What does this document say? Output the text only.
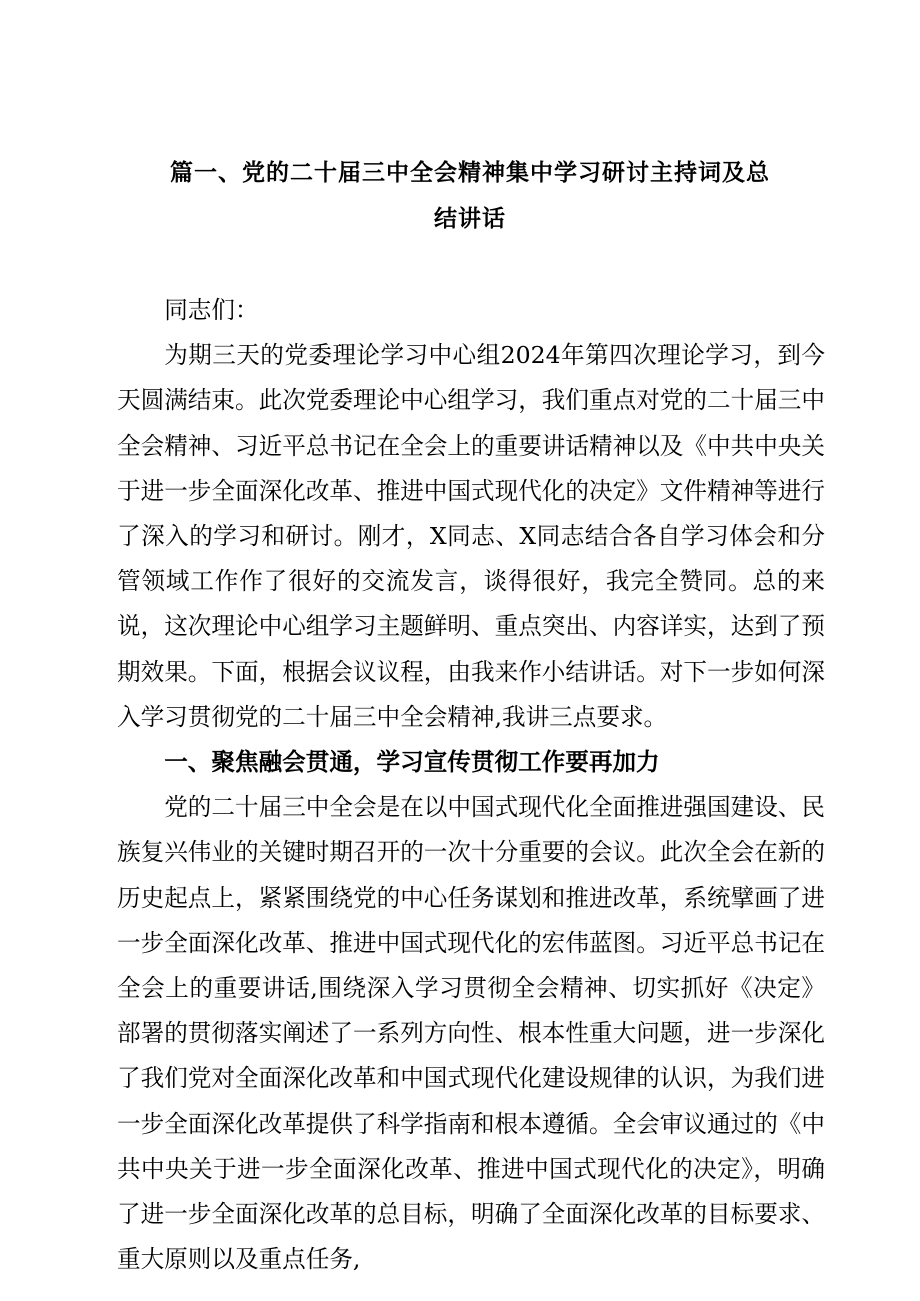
篇一、党的二十届三中全会精神集中学习研讨主持词及总结讲话

同志们：

为期三天的党委理论学习中心组2024年第四次理论学习，到今天圆满结束。此次党委理论中心组学习，我们重点对党的二十届三中全会精神、习近平总书记在全会上的重要讲话精神以及《中共中央关于进一步全面深化改革、推进中国式现代化的决定》文件精神等进行了深入的学习和研讨。刚才，X同志、X同志结合各自学习体会和分管领域工作作了很好的交流发言，谈得很好，我完全赞同。总的来说，这次理论中心组学习主题鲜明、重点突出、内容详实，达到了预期效果。下面，根据会议议程，由我来作小结讲话。对下一步如何深入学习贯彻党的二十届三中全会精神,我讲三点要求。

一、聚焦融会贯通，学习宣传贯彻工作要再加力

党的二十届三中全会是在以中国式现代化全面推进强国建设、民族复兴伟业的关键时期召开的一次十分重要的会议。此次全会在新的历史起点上，紧紧围绕党的中心任务谋划和推进改革，系统擘画了进一步全面深化改革、推进中国式现代化的宏伟蓝图。习近平总书记在全会上的重要讲话,围绕深入学习贯彻全会精神、切实抓好《决定》部署的贯彻落实阐述了一系列方向性、根本性重大问题，进一步深化了我们党对全面深化改革和中国式现代化建设规律的认识，为我们进一步全面深化改革提供了科学指南和根本遵循。全会审议通过的《中共中央关于进一步全面深化改革、推进中国式现代化的决定》，明确了进一步全面深化改革的总目标，明确了全面深化改革的目标要求、重大原则以及重点任务,
